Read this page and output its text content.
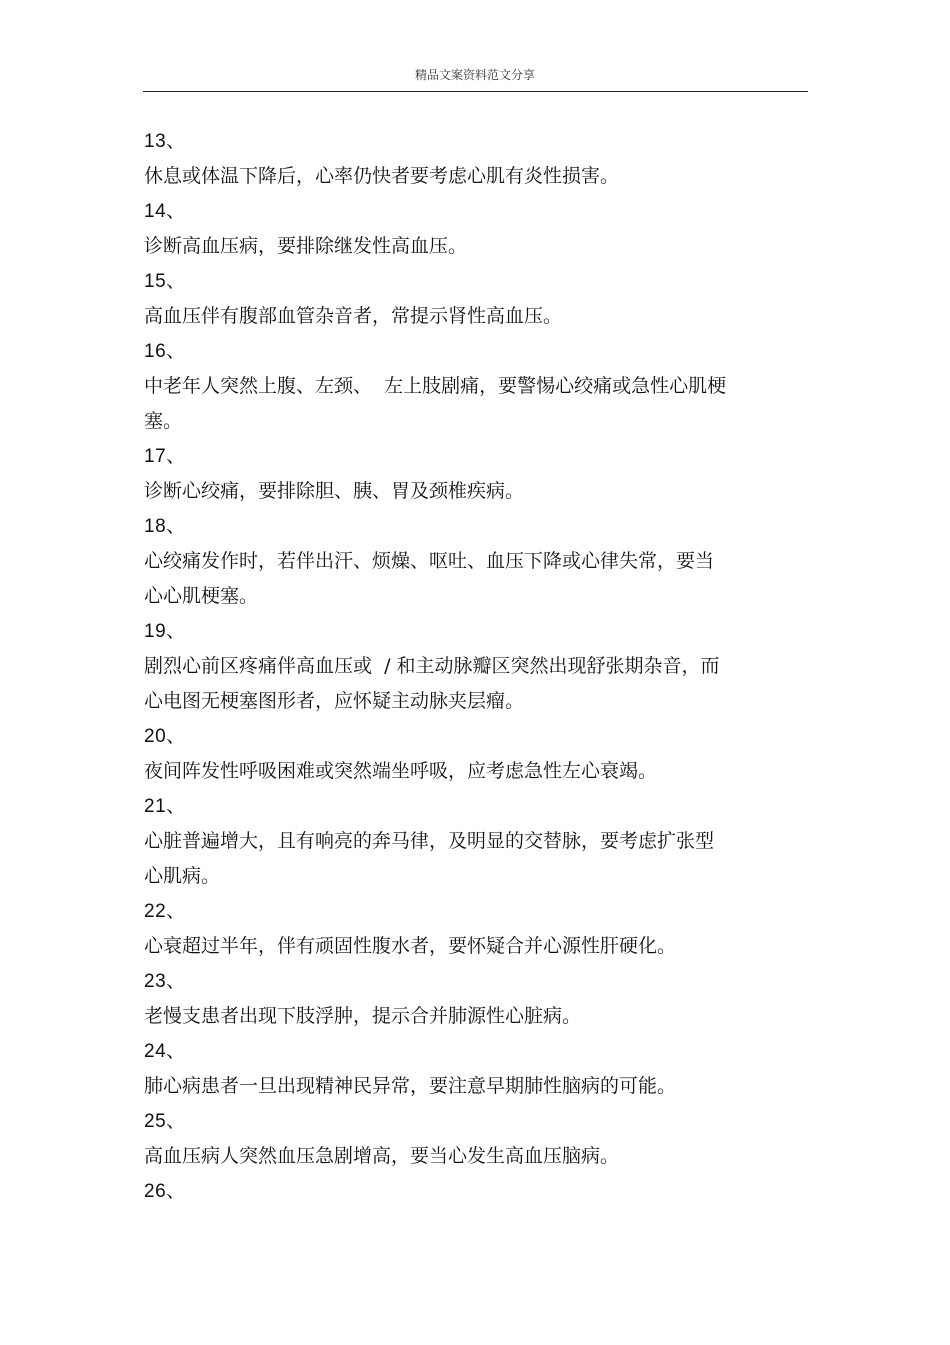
精品文案资料范文分享
13、
休息或体温下降后，心率仍快者要考虑心肌有炎性损害。
14、
诊断高血压病，要排除继发性高血压。
15、
高血压伴有腹部血管杂音者，常提示肾性高血压。
16、
中老年人突然上腹、左颈、  左上肢剧痛，要警惕心绞痛或急性心肌梗
塞。
17、
诊断心绞痛，要排除胆、胰、胃及颈椎疾病。
18、
心绞痛发作时，若伴出汗、烦燥、呕吐、血压下降或心律失常，要当
心心肌梗塞。
19、
剧烈心前区疼痛伴高血压或  / 和主动脉瓣区突然出现舒张期杂音，而
心电图无梗塞图形者，应怀疑主动脉夹层瘤。
20、
夜间阵发性呼吸困难或突然端坐呼吸，应考虑急性左心衰竭。
21、
心脏普遍增大，且有响亮的奔马律，及明显的交替脉，要考虑扩张型
心肌病。
22、
心衰超过半年，伴有顽固性腹水者，要怀疑合并心源性肝硬化。
23、
老慢支患者出现下肢浮肿，提示合并肺源性心脏病。
24、
肺心病患者一旦出现精神民异常，要注意早期肺性脑病的可能。
25、
高血压病人突然血压急剧增高，要当心发生高血压脑病。
26、
